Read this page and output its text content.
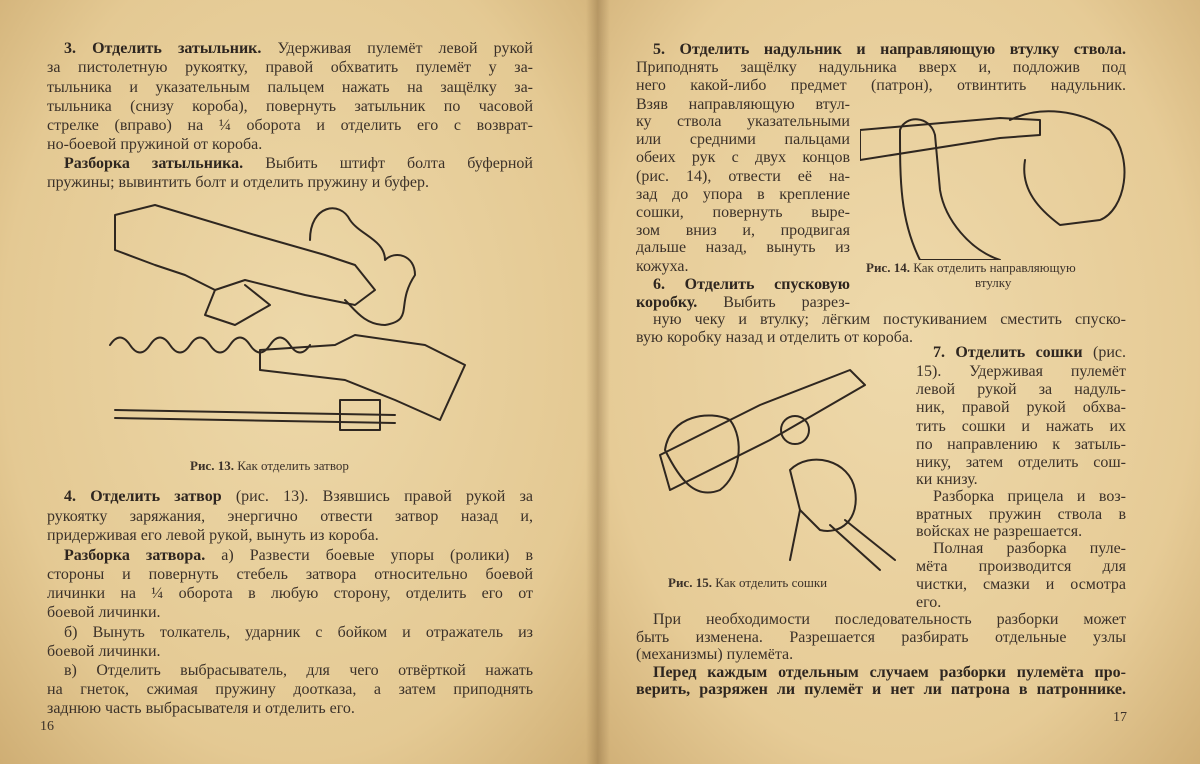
3. Отделить затыльник. Удерживая пулемёт левой рукой
за пистолетную рукоятку, правой обхватить пулемёт у за-
тыльника и указательным пальцем нажать на защёлку за-
тыльника (снизу короба), повернуть затыльник по часовой
стрелке (вправо) на ¼ оборота и отделить его с возврат-
но-боевой пружиной от короба.
Разборка затыльника. Выбить штифт болта буферной
пружины; вывинтить болт и отделить пружину и буфер.
4. Отделить затвор (рис. 13). Взявшись правой рукой за
рукоятку заряжания, энергично отвести затвор назад и,
придерживая его левой рукой, вынуть из короба.
Разборка затвора. а) Развести боевые упоры (ролики) в
стороны и повернуть стебель затвора относительно боевой
личинки на ¼ оборота в любую сторону, отделить его от
боевой личинки.
б) Вынуть толкатель, ударник с бойком и отражатель из
боевой личинки.
в) Отделить выбрасыватель, для чего отвёрткой нажать
на гнеток, сжимая пружину доотказа, а затем приподнять
заднюю часть выбрасывателя и отделить его.
5. Отделить надульник и направляющую втулку ствола.
Приподнять защёлку надульника вверх и, подложив под
него какой-либо предмет (патрон), отвинтить надульник.
Взяв направляющую втул-
ку ствола указательными
или средними пальцами
обеих рук с двух концов
(рис. 14), отвести её на-
зад до упора в крепление
сошки, повернуть выре-
зом вниз и, продвигая
дальше назад, вынуть из
кожуха.
6. Отделить спусковую
коробку. Выбить разрез-
ную чеку и втулку; лёгким постукиванием сместить спуско-
вую коробку назад и отделить от короба.
7. Отделить сошки (рис.
15). Удерживая пулемёт
левой рукой за надуль-
ник, правой рукой обхва-
тить сошки и нажать их
по направлению к затыль-
нику, затем отделить сош-
ки книзу.
Разборка прицела и воз-
вратных пружин ствола в
войсках не разрешается.
Полная разборка пуле-
мёта производится для
чистки, смазки и осмотра
его.
При необходимости последовательность разборки может
быть изменена. Разрешается разбирать отдельные узлы
(механизмы) пулемёта.
Перед каждым отдельным случаем разборки пулемёта про-
верить, разряжен ли пулемёт и нет ли патрона в патроннике.
Рис. 13. Как отделить затвор
Рис. 14. Как отделить направляющую
втулку
Рис. 15. Как отделить сошки
16
17
